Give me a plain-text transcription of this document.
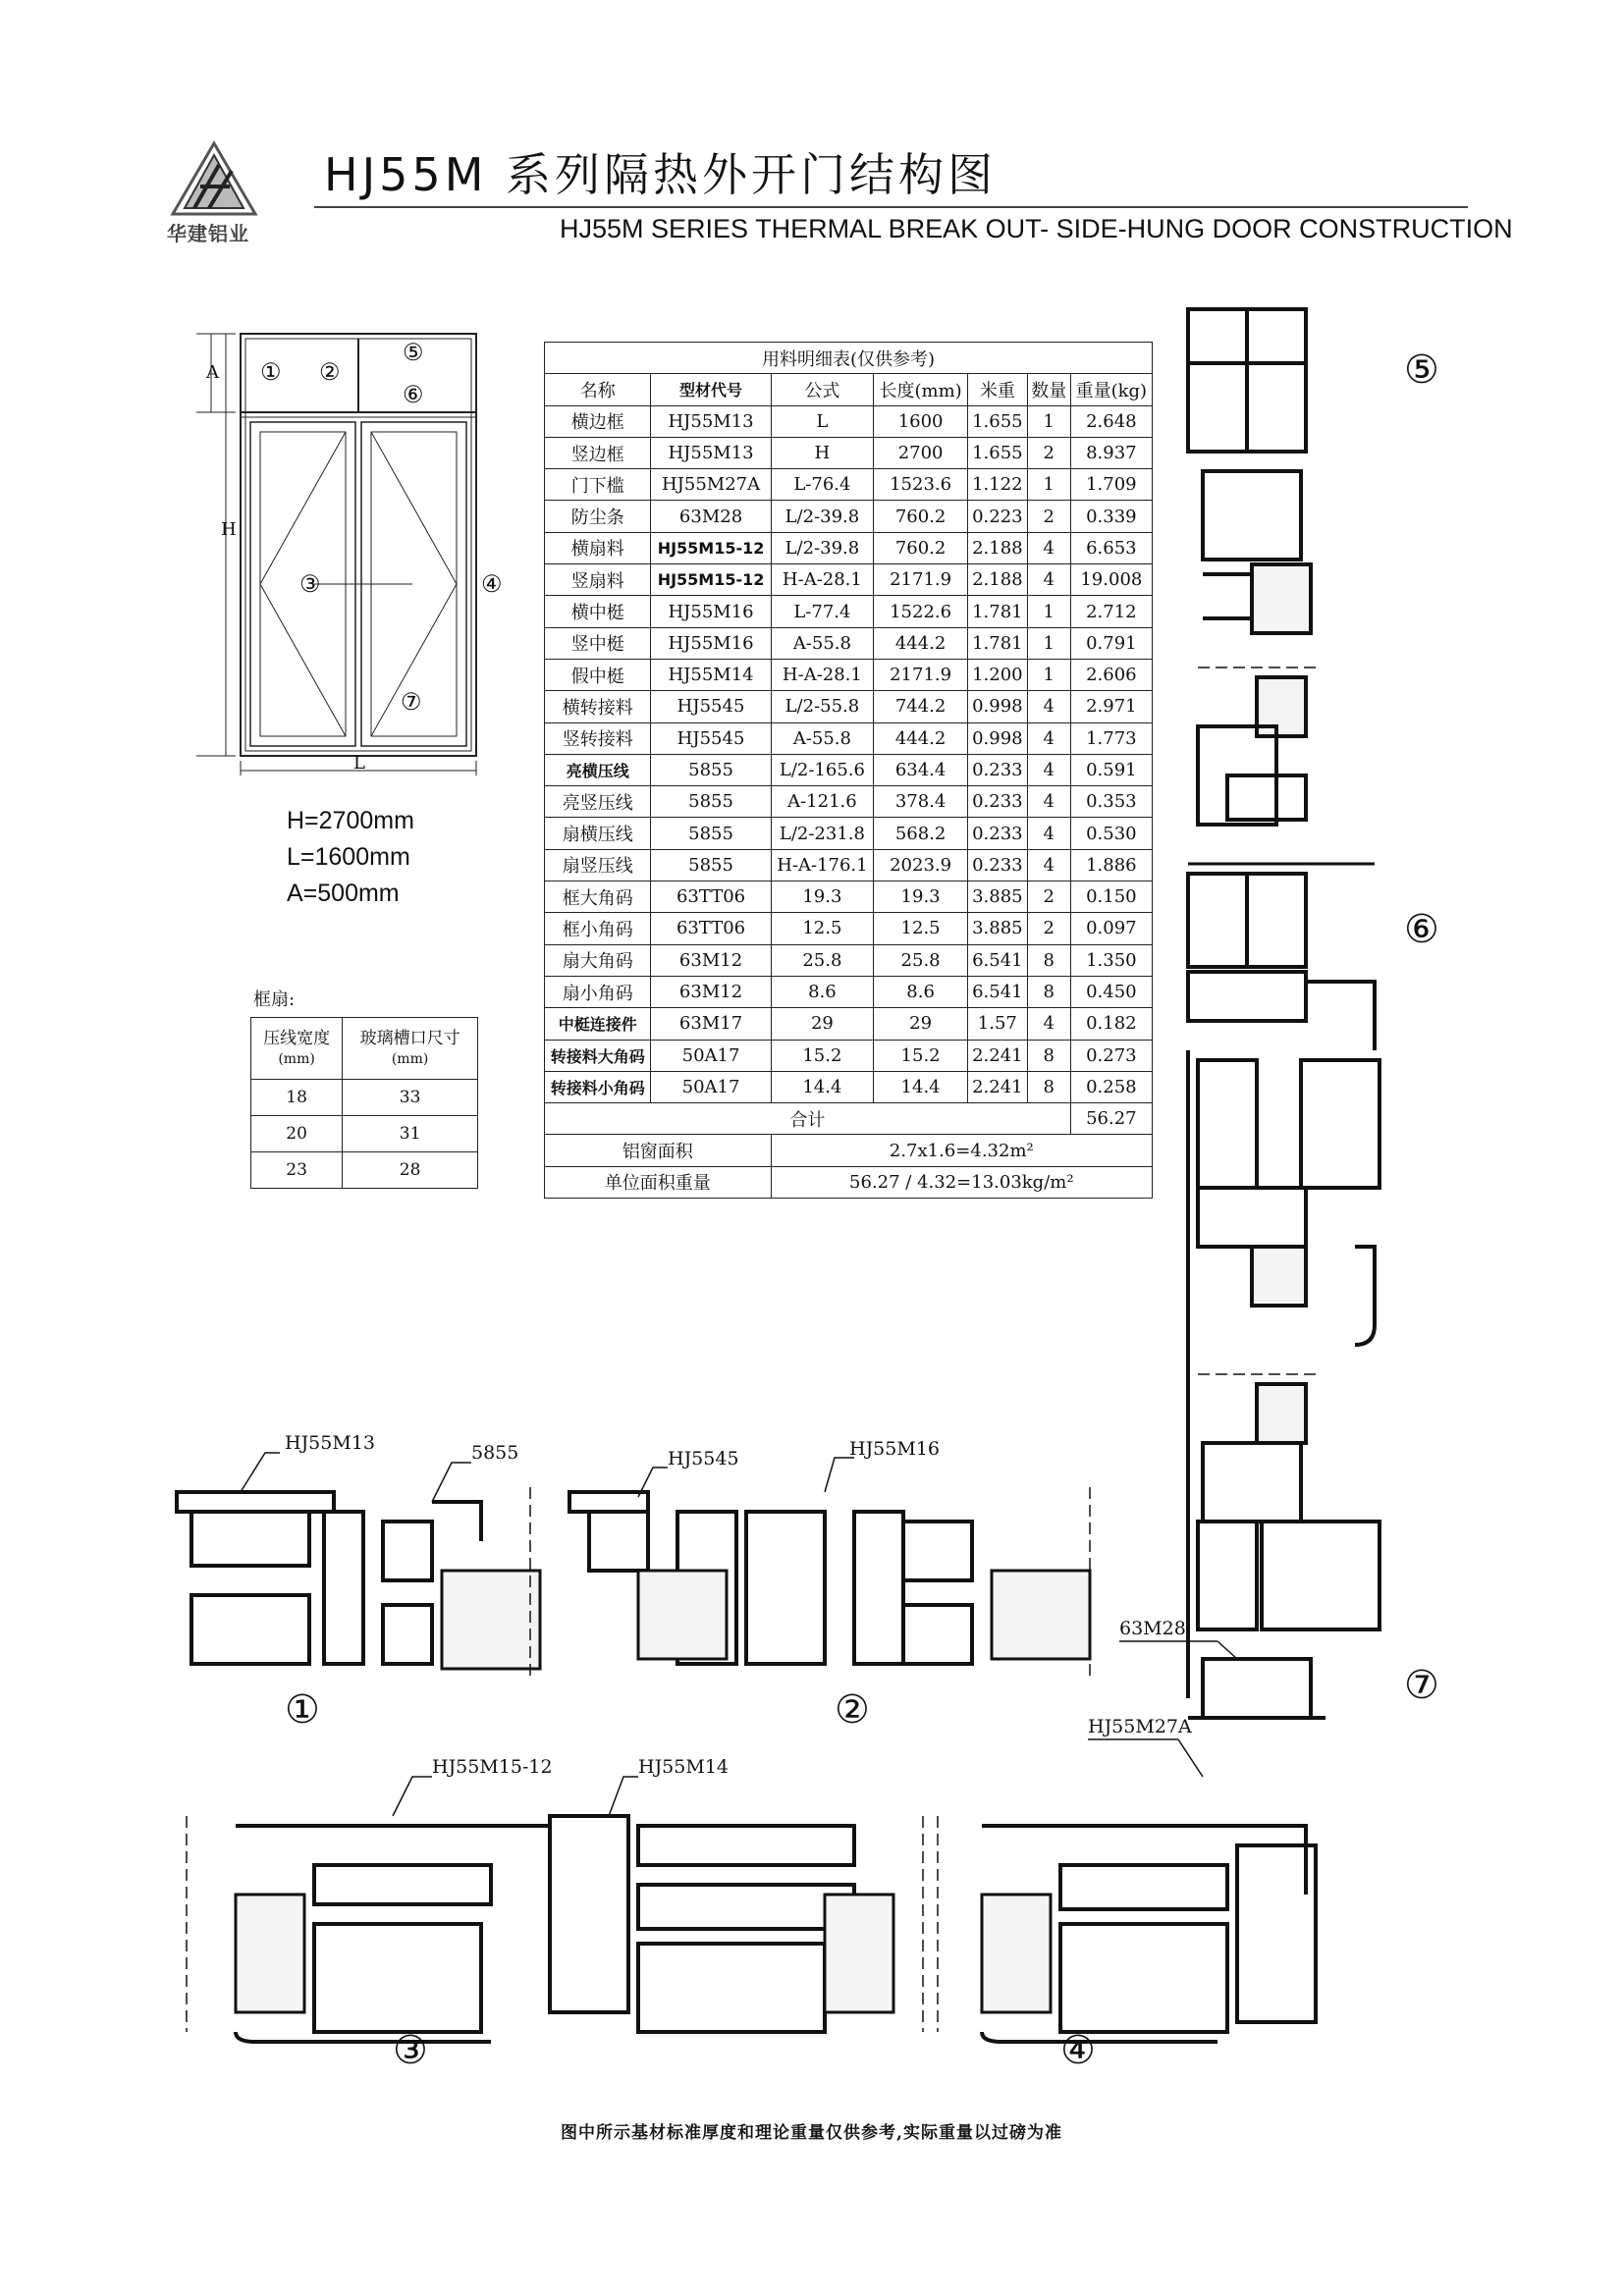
华建铝业
HJ55M 系列隔热外开门结构图
HJ55M SERIES THERMAL BREAK OUT- SIDE-HUNG DOOR CONSTRUCTION
A
H
L
① ②
⑤
⑥
③	④
⑦
H=2700mm
L=1600mm
A=500mm
框扇:
压线宽度
(mm)	玻璃槽口尺寸
(mm)
18	33
20	31
23	28
用料明细表(仅供参考)						
名称	型材代号	公式	长度(mm)	米重	数量	重量(kg)
横边框	HJ55M13	L	1600	1.655	1	2.648
竖边框	HJ55M13	H	2700	1.655	2	8.937
门下槛	HJ55M27A	L-76.4	1523.6	1.122	1	1.709
防尘条	63M28	L/2-39.8	760.2	0.223	2	0.339
横扇料	HJ55M15-12	L/2-39.8	760.2	2.188	4	6.653
竖扇料	HJ55M15-12	H-A-28.1	2171.9	2.188	4	19.008
横中梃	HJ55M16	L-77.4	1522.6	1.781	1	2.712
竖中梃	HJ55M16	A-55.8	444.2	1.781	1	0.791
假中梃	HJ55M14	H-A-28.1	2171.9	1.200	1	2.606
横转接料	HJ5545	L/2-55.8	744.2	0.998	4	2.971
竖转接料	HJ5545	A-55.8	444.2	0.998	4	1.773
亮横压线	5855	L/2-165.6	634.4	0.233	4	0.591
亮竖压线	5855	A-121.6	378.4	0.233	4	0.353
扇横压线	5855	L/2-231.8	568.2	0.233	4	0.530
扇竖压线	5855	H-A-176.1	2023.9	0.233	4	1.886
框大角码	63TT06	19.3	19.3	3.885	2	0.150
框小角码	63TT06	12.5	12.5	3.885	2	0.097
扇大角码	63M12	25.8	25.8	6.541	8	1.350
扇小角码	63M12	8.6	8.6	6.541	8	0.450
中梃连接件	63M17	29	29	1.57	4	0.182
转接料大角码	50A17	15.2	15.2	2.241	8	0.273
转接料小角码	50A17	14.4	14.4	2.241	8	0.258
合计						56.27
铝窗面积		2.7x1.6=4.32m²				
单位面积重量		56.27 / 4.32=13.03kg/m²				
⑤
⑥
⑦
63M28
HJ55M27A
HJ55M13	5855	HJ5545	HJ55M16
①	②
HJ55M15-12	HJ55M14
③	④
图中所示基材标准厚度和理论重量仅供参考,实际重量以过磅为准
